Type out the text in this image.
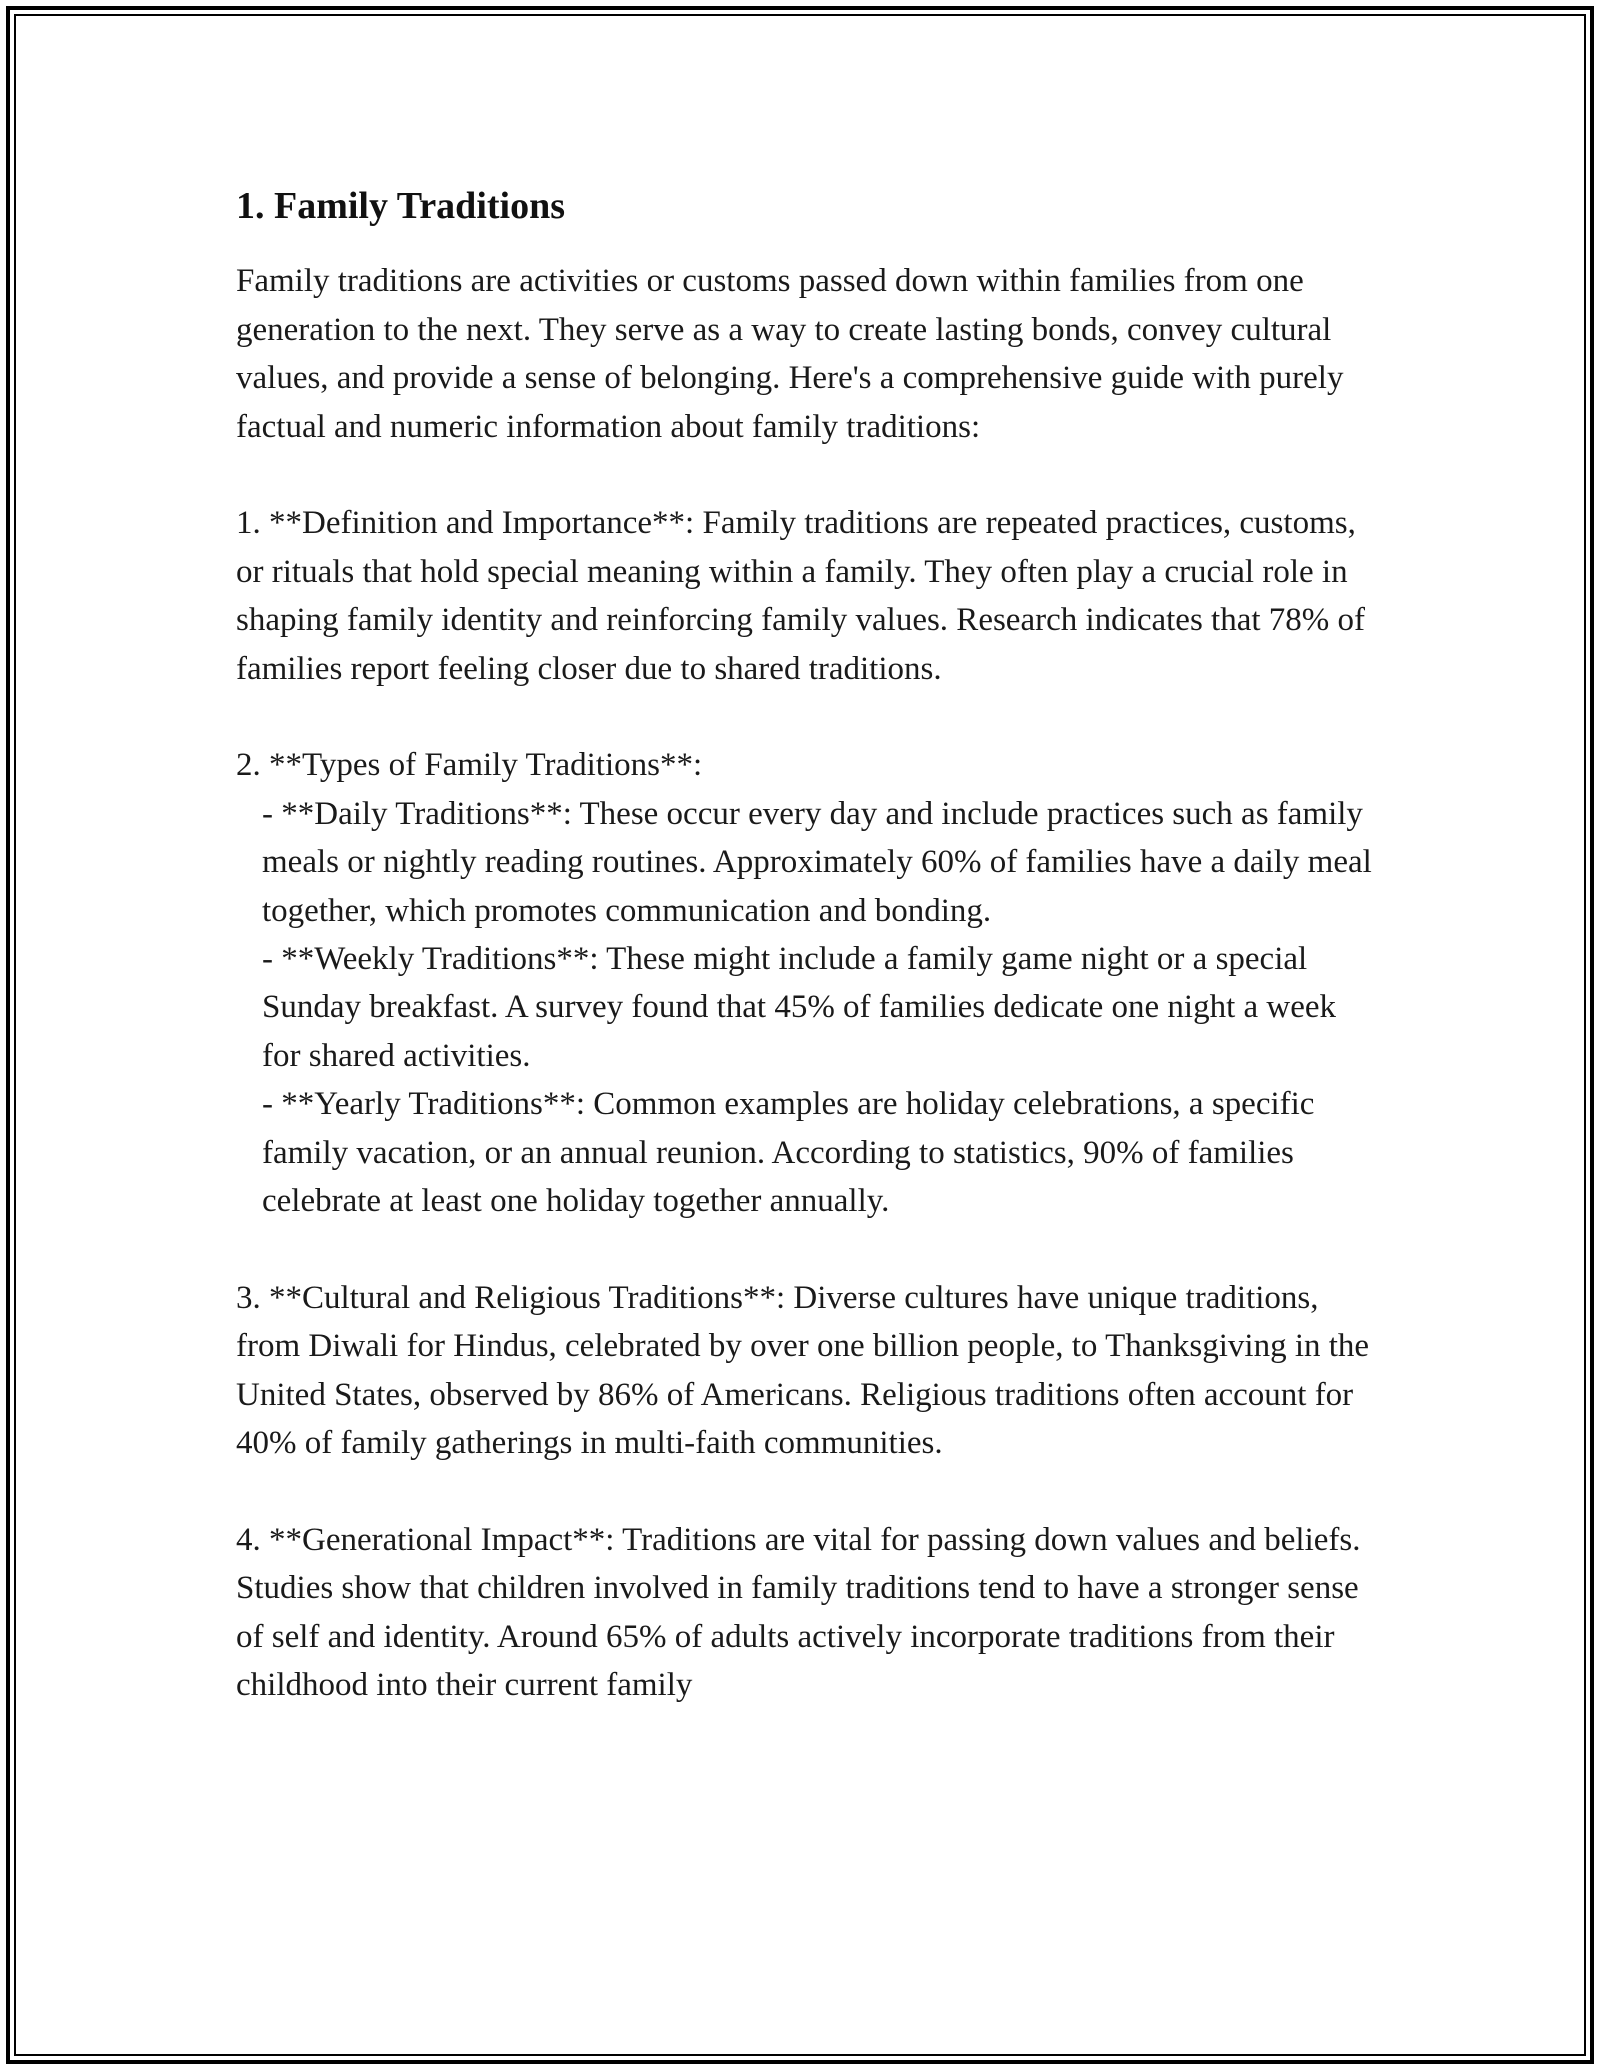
1. Family Traditions

Family traditions are activities or customs passed down within families from one generation to the next. They serve as a way to create lasting bonds, convey cultural values, and provide a sense of belonging. Here's a comprehensive guide with purely factual and numeric information about family traditions:

1. **Definition and Importance**: Family traditions are repeated practices, customs, or rituals that hold special meaning within a family. They often play a crucial role in shaping family identity and reinforcing family values. Research indicates that 78% of families report feeling closer due to shared traditions.

2. **Types of Family Traditions**:
- **Daily Traditions**: These occur every day and include practices such as family meals or nightly reading routines. Approximately 60% of families have a daily meal together, which promotes communication and bonding.
- **Weekly Traditions**: These might include a family game night or a special Sunday breakfast. A survey found that 45% of families dedicate one night a week for shared activities.
- **Yearly Traditions**: Common examples are holiday celebrations, a specific family vacation, or an annual reunion. According to statistics, 90% of families celebrate at least one holiday together annually.

3. **Cultural and Religious Traditions**: Diverse cultures have unique traditions, from Diwali for Hindus, celebrated by over one billion people, to Thanksgiving in the United States, observed by 86% of Americans. Religious traditions often account for 40% of family gatherings in multi-faith communities.

4. **Generational Impact**: Traditions are vital for passing down values and beliefs. Studies show that children involved in family traditions tend to have a stronger sense of self and identity. Around 65% of adults actively incorporate traditions from their childhood into their current family
